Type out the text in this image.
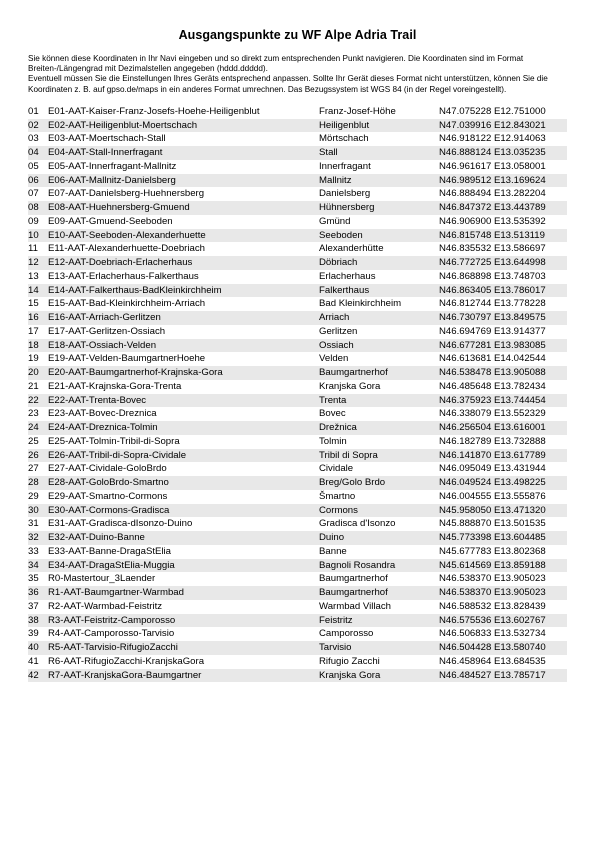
Ausgangspunkte zu WF Alpe Adria Trail

Sie können diese Koordinaten in Ihr Navi eingeben und so direkt zum entsprechenden Punkt navigieren. Die Koordinaten sind im Format Breiten-/Längengrad mit Dezimalstellen angegeben (hddd.ddddd).

Eventuell müssen Sie die Einstellungen Ihres Geräts entsprechend anpassen. Sollte Ihr Gerät dieses Format nicht unterstützen, können Sie die Koordinaten z. B. auf gpso.de/maps in ein anderes Format umrechnen. Das Bezugssystem ist WGS 84 (in der Regel voreingestellt).

01	E01-AAT-Kaiser-Franz-Josefs-Hoehe-Heiligenblut	Franz-Josef-Höhe	N47.075228 E12.751000
02	E02-AAT-Heiligenblut-Moertschach	Heiligenblut	N47.039916 E12.843021
03	E03-AAT-Moertschach-Stall	Mörtschach	N46.918122 E12.914063
04	E04-AAT-Stall-Innerfragant	Stall	N46.888124 E13.035235
05	E05-AAT-Innerfragant-Mallnitz	Innerfragant	N46.961617 E13.058001
06	E06-AAT-Mallnitz-Danielsberg	Mallnitz	N46.989512 E13.169624
07	E07-AAT-Danielsberg-Huehnersberg	Danielsberg	N46.888494 E13.282204
08	E08-AAT-Huehnersberg-Gmuend	Hühnersberg	N46.847372 E13.443789
09	E09-AAT-Gmuend-Seeboden	Gmünd	N46.906900 E13.535392
10	E10-AAT-Seeboden-Alexanderhuette	Seeboden	N46.815748 E13.513119
11	E11-AAT-Alexanderhuette-Doebriach	Alexanderhütte	N46.835532 E13.586697
12	E12-AAT-Doebriach-Erlacherhaus	Döbriach	N46.772725 E13.644998
13	E13-AAT-Erlacherhaus-Falkerthaus	Erlacherhaus	N46.868898 E13.748703
14	E14-AAT-Falkerthaus-BadKleinkirchheim	Falkerthaus	N46.863405 E13.786017
15	E15-AAT-Bad-Kleinkirchheim-Arriach	Bad Kleinkirchheim	N46.812744 E13.778228
16	E16-AAT-Arriach-Gerlitzen	Arriach	N46.730797 E13.849575
17	E17-AAT-Gerlitzen-Ossiach	Gerlitzen	N46.694769 E13.914377
18	E18-AAT-Ossiach-Velden	Ossiach	N46.677281 E13.983085
19	E19-AAT-Velden-BaumgartnerHoehe	Velden	N46.613681 E14.042544
20	E20-AAT-Baumgartnerhof-Krajnska-Gora	Baumgartnerhof	N46.538478 E13.905088
21	E21-AAT-Krajnska-Gora-Trenta	Kranjska Gora	N46.485648 E13.782434
22	E22-AAT-Trenta-Bovec	Trenta	N46.375923 E13.744454
23	E23-AAT-Bovec-Dreznica	Bovec	N46.338079 E13.552329
24	E24-AAT-Dreznica-Tolmin	Drežnica	N46.256504 E13.616001
25	E25-AAT-Tolmin-Tribil-di-Sopra	Tolmin	N46.182789 E13.732888
26	E26-AAT-Tribil-di-Sopra-Cividale	Tribil di Sopra	N46.141870 E13.617789
27	E27-AAT-Cividale-GoloBrdo	Cividale	N46.095049 E13.431944
28	E28-AAT-GoloBrdo-Smartno	Breg/Golo Brdo	N46.049524 E13.498225
29	E29-AAT-Smartno-Cormons	Šmartno	N46.004555 E13.555876
30	E30-AAT-Cormons-Gradisca	Cormons	N45.958050 E13.471320
31	E31-AAT-Gradisca-dIsonzo-Duino	Gradisca d'Isonzo	N45.888870 E13.501535
32	E32-AAT-Duino-Banne	Duino	N45.773398 E13.604485
33	E33-AAT-Banne-DragaStElia	Banne	N45.677783 E13.802368
34	E34-AAT-DragaStElia-Muggia	Bagnoli Rosandra	N45.614569 E13.859188
35	R0-Mastertour_3Laender	Baumgartnerhof	N46.538370 E13.905023
36	R1-AAT-Baumgartner-Warmbad	Baumgartnerhof	N46.538370 E13.905023
37	R2-AAT-Warmbad-Feistritz	Warmbad Villach	N46.588532 E13.828439
38	R3-AAT-Feistritz-Camporosso	Feistritz	N46.575536 E13.602767
39	R4-AAT-Camporosso-Tarvisio	Camporosso	N46.506833 E13.532734
40	R5-AAT-Tarvisio-RifugioZacchi	Tarvisio	N46.504428 E13.580740
41	R6-AAT-RifugioZacchi-KranjskaGora	Rifugio Zacchi	N46.458964 E13.684535
42	R7-AAT-KranjskaGora-Baumgartner	Kranjska Gora	N46.484527 E13.785717
